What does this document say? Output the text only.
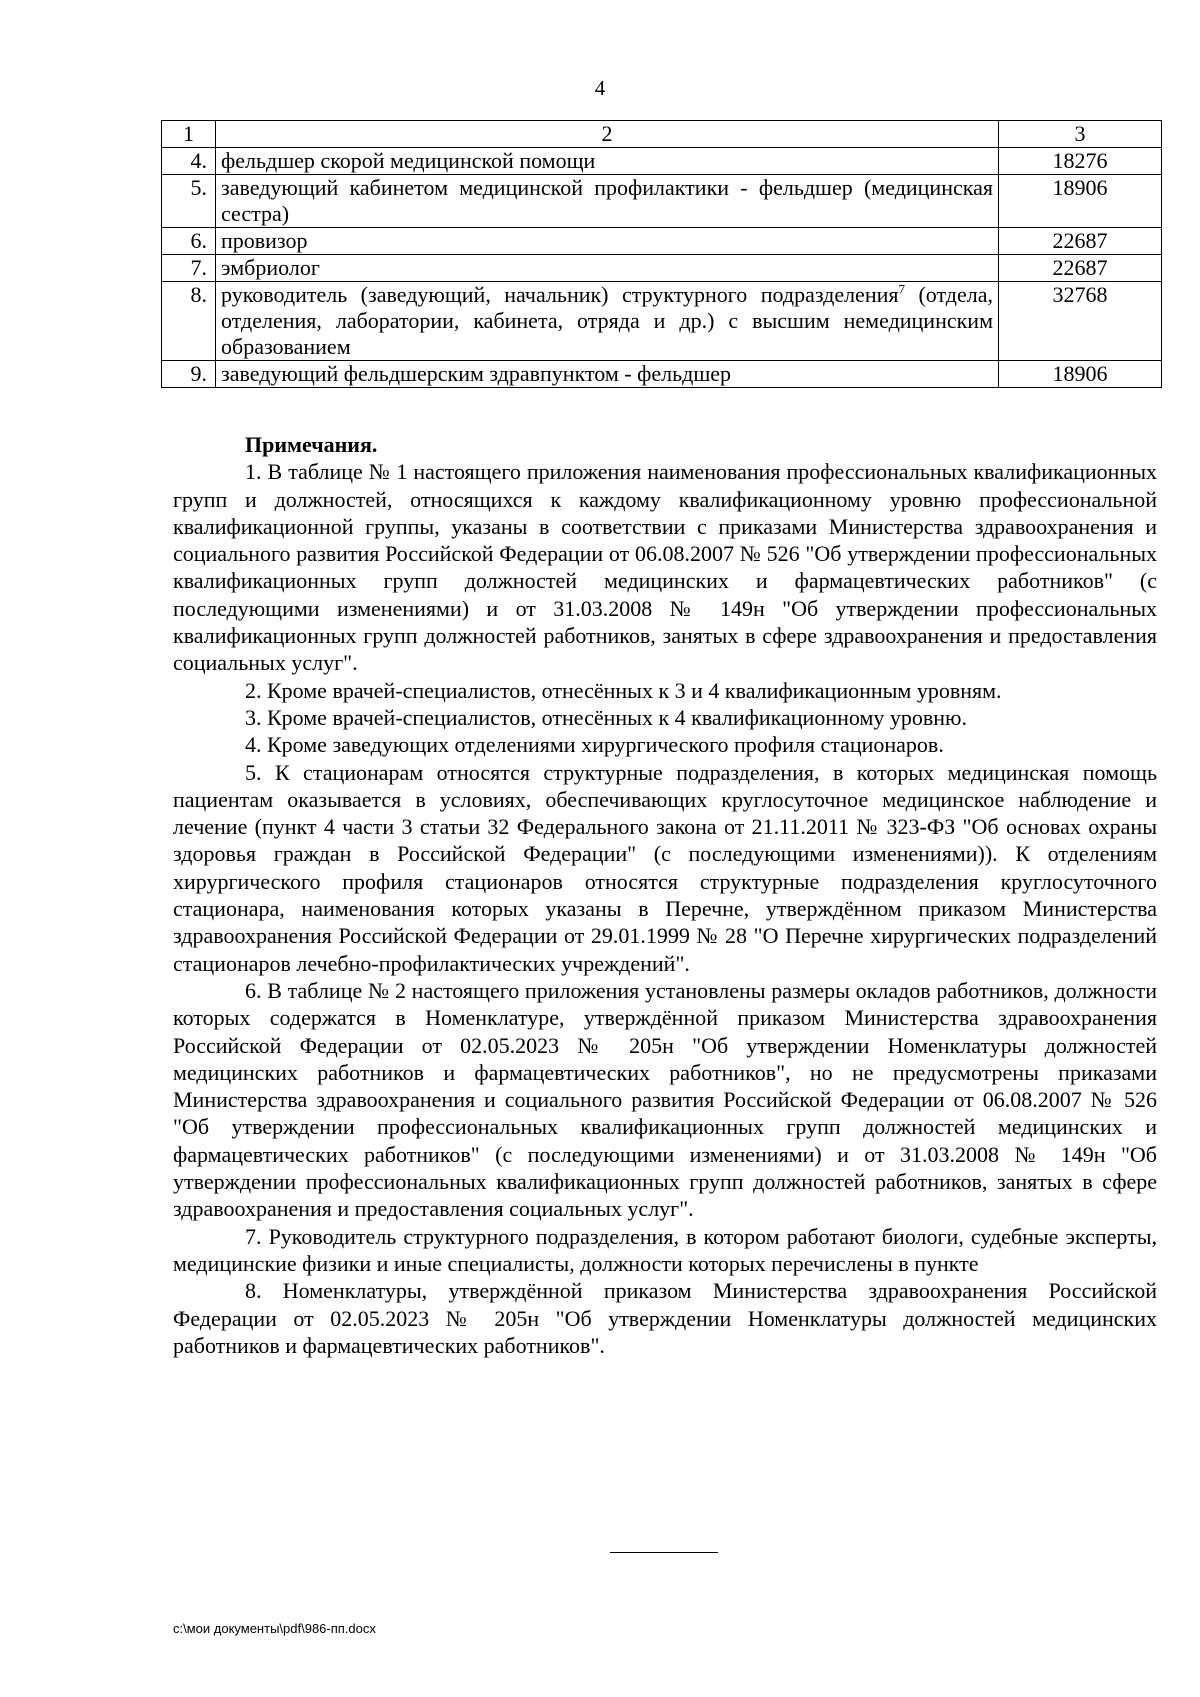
4
1	2	3
4.	фельдшер скорой медицинской помощи	18276
5.	заведующий кабинетом медицинской профилактики - фельдшер (медицинская сестра)	18906
6.	провизор	22687
7.	эмбриолог	22687
8.	руководитель (заведующий, начальник) структурного подразделения$^7$ (отдела, отделения, лаборатории, кабинета, отряда и др.) с высшим немедицинским образованием	32768
9.	заведующий фельдшерским здравпунктом - фельдшер	18906
Примечания.

1. В таблице № 1 настоящего приложения наименования профессиональных квалификационных групп и должностей, относящихся к каждому квалификационному уровню профессиональной квалификационной группы, указаны в соответствии с приказами Министерства здравоохранения и социального развития Российской Федерации от 06.08.2007 № 526 "Об утверждении профессиональных квалификационных групп должностей медицинских и фармацевтических работников" (с последующими изменениями) и от 31.03.2008 № 149н "Об утверждении профессиональных квалификационных групп должностей работников, занятых в сфере здравоохранения и предоставления социальных услуг".

2. Кроме врачей-специалистов, отнесённых к 3 и 4 квалификационным уровням.

3. Кроме врачей-специалистов, отнесённых к 4 квалификационному уровню.

4. Кроме заведующих отделениями хирургического профиля стационаров.

5. К стационарам относятся структурные подразделения, в которых медицинская помощь пациентам оказывается в условиях, обеспечивающих круглосуточное медицинское наблюдение и лечение (пункт 4 части 3 статьи 32 Федерального закона от 21.11.2011 № 323-ФЗ "Об основах охраны здоровья граждан в Российской Федерации" (с последующими изменениями)). К отделениям хирургического профиля стационаров относятся структурные подразделения круглосуточного стационара, наименования которых указаны в Перечне, утверждённом приказом Министерства здравоохранения Российской Федерации от 29.01.1999 № 28 "О Перечне хирургических подразделений стационаров лечебно-профилактических учреждений".

6. В таблице № 2 настоящего приложения установлены размеры окладов работников, должности которых содержатся в Номенклатуре, утверждённой приказом Министерства здравоохранения Российской Федерации от 02.05.2023 № 205н "Об утверждении Номенклатуры должностей медицинских работников и фармацевтических работников", но не предусмотрены приказами Министерства здравоохранения и социального развития Российской Федерации от 06.08.2007 № 526 "Об утверждении профессиональных квалификационных групп должностей медицинских и фармацевтических работников" (с последующими изменениями) и от 31.03.2008 № 149н "Об утверждении профессиональных квалификационных групп должностей работников, занятых в сфере здравоохранения и предоставления социальных услуг".

7. Руководитель структурного подразделения, в котором работают биологи, судебные эксперты, медицинские физики и иные специалисты, должности которых перечислены в пункте

8. Номенклатуры, утверждённой приказом Министерства здравоохранения Российской Федерации от 02.05.2023 № 205н "Об утверждении Номенклатуры должностей медицинских работников и фармацевтических работников".

c:\мои документы\pdf\986-пп.docx
